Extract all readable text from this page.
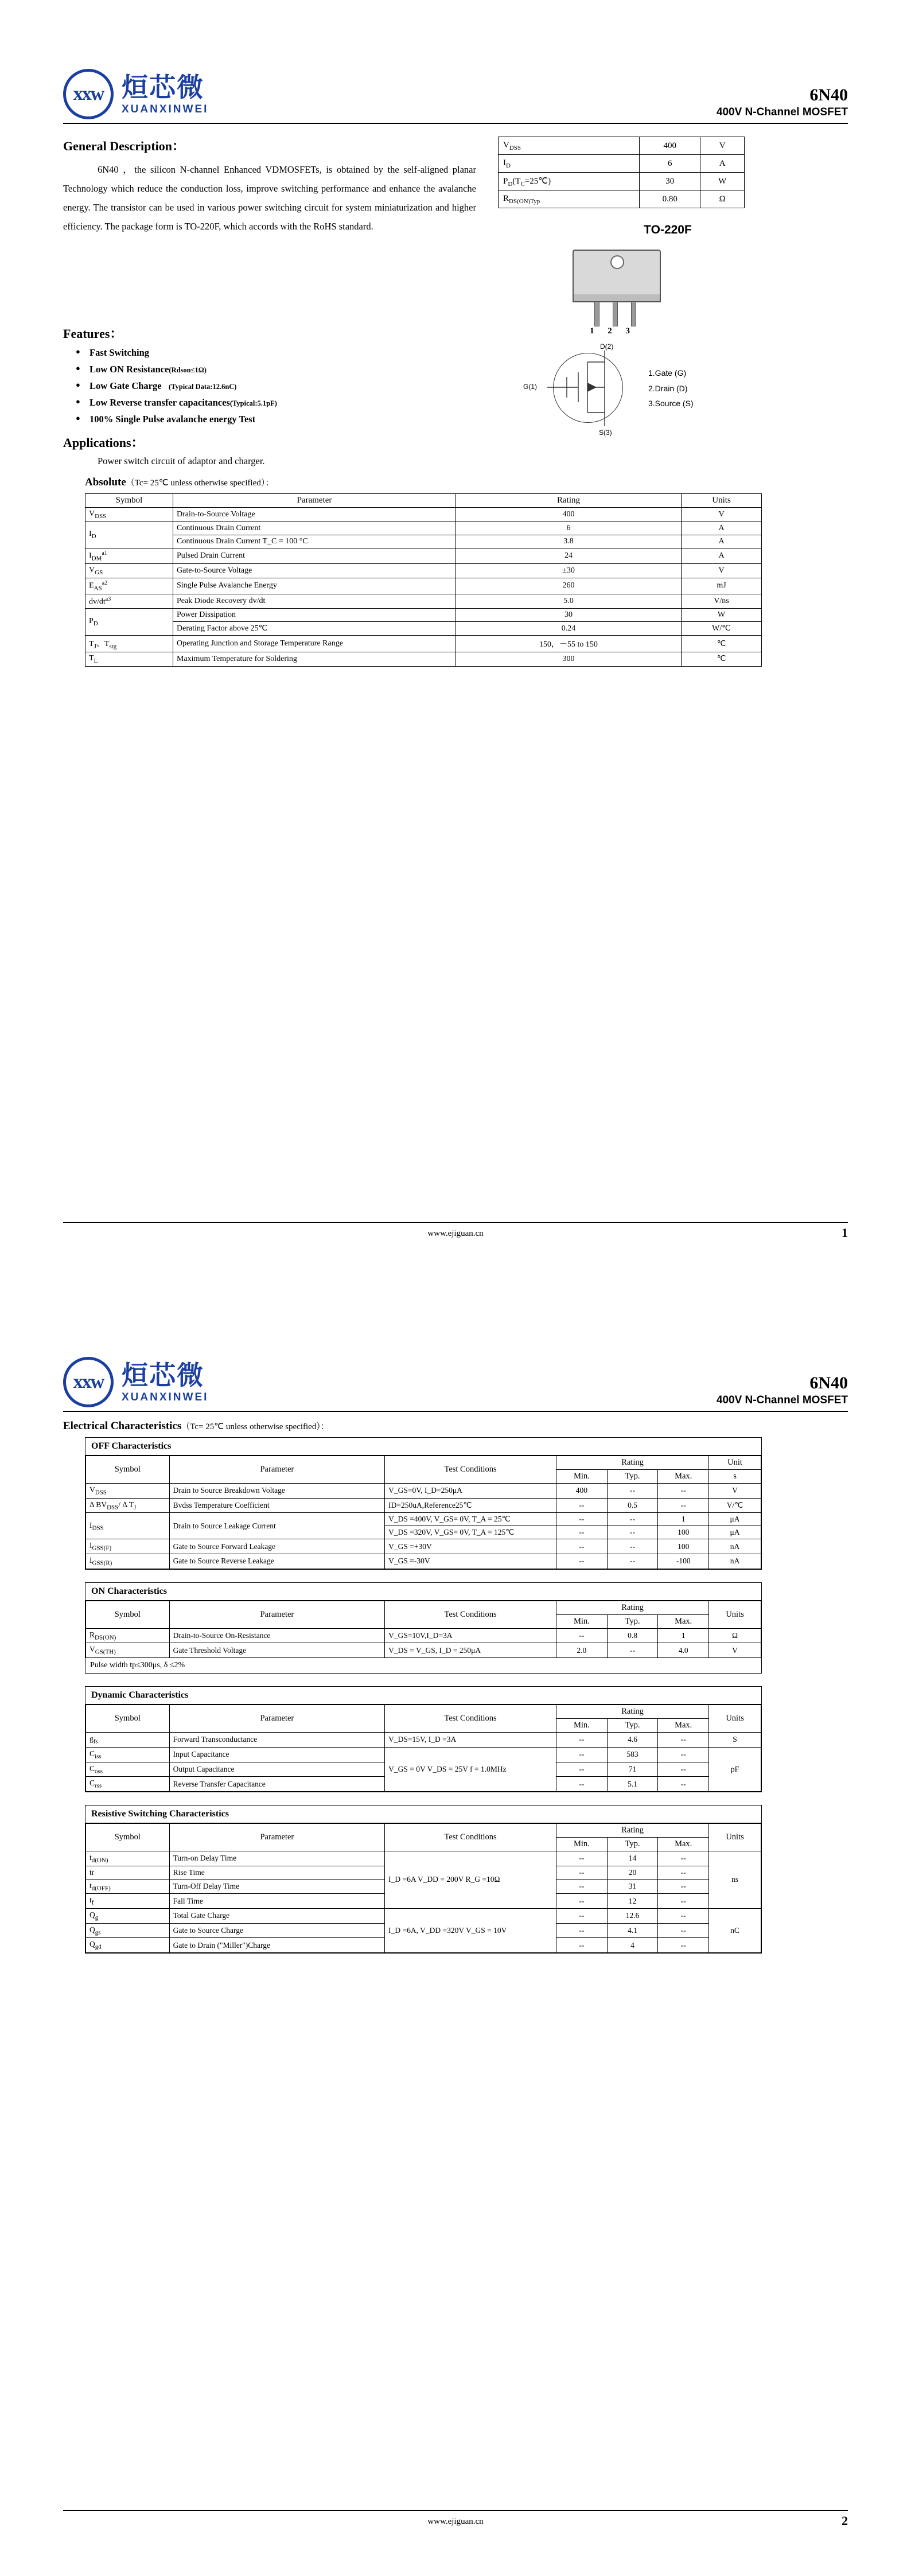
xxw 烜芯微
XUANXINWEI
6N40
400V N-Channel MOSFET
General Description：
6N40 ，the silicon N-channel Enhanced VDMOSFETs, is obtained by the self-aligned planar Technology which reduce the conduction loss, improve switching performance and enhance the avalanche energy. The transistor can be used in various power switching circuit for system miniaturization and higher efficiency. The package form is TO-220F, which accords with the RoHS standard.
$V_{DSS}$	400	V
$I_D$	6	A
$P_D(T_C=25℃)$	30	W
$R_{DS(ON)Typ}$	0.80	Ω
TO-220F
1 2 3
D(2)
G(1)
S(3)
1.Gate (G)
2.Drain (D)
3.Source (S)
Features：
● Fast Switching
● Low ON Resistance(Rdson≤1Ω)
● Low Gate Charge (Typical Data:12.6nC)
● Low Reverse transfer capacitances(Typical:5.1pF)
● 100% Single Pulse avalanche energy Test
Applications：
Power switch circuit of adaptor and charger.
Absolute（Tc= 25℃ unless otherwise specified）：
Symbol	Parameter	Rating	Units
$V_{DSS}$	Drain-to-Source Voltage	400	V
$I_D$	Continuous Drain Current	6	A
	Continuous Drain Current T_C = 100 °C	3.8	A
$I_{DM}^{a1}$	Pulsed Drain Current	24	A
$V_{GS}$	Gate-to-Source Voltage	±30	V
$E_{AS}^{a2}$	Single Pulse Avalanche Energy	260	mJ
$dv/dt^{a3}$	Peak Diode Recovery dv/dt	5.0	V/ns
$P_D$	Power Dissipation	30	W
	Derating Factor above 25℃	0.24	W/℃
$T_J$、$T_{stg}$	Operating Junction and Storage Temperature Range	150，－55 to 150	℃
$T_L$	Maximum Temperature for Soldering	300	℃
www.ejiguan.cn	1
xxw 烜芯微
XUANXINWEI
6N40
400V N-Channel MOSFET
Electrical Characteristics（Tc= 25℃ unless otherwise specified）：
OFF Characteristics
Symbol	Parameter	Test Conditions	Rating			Unit
			Min.	Typ.	Max.	s
$V_{DSS}$	Drain to Source Breakdown Voltage	V_GS=0V, I_D=250μA	400	--	--	V
Δ $BV_{DSS}/$ Δ $T_J$	Bvdss Temperature Coefficient	ID=250uA,Reference25℃	--	0.5	--	V/℃
$I_{DSS}$	Drain to Source Leakage Current	V_DS =400V, V_GS= 0V, T_A = 25℃	--	--	1	μA
		V_DS =320V, V_GS= 0V, T_A = 125℃	--	--	100	μA
$I_{GSS(F)}$	Gate to Source Forward Leakage	V_GS =+30V	--	--	100	nA
$I_{GSS(R)}$	Gate to Source Reverse Leakage	V_GS =-30V	--	--	-100	nA
ON Characteristics
Symbol	Parameter	Test Conditions	Rating			Units
			Min.	Typ.	Max.	
$R_{DS(ON)}$	Drain-to-Source On-Resistance	V_GS=10V,I_D=3A	--	0.8	1	Ω
$V_{GS(TH)}$	Gate Threshold Voltage	V_DS = V_GS, I_D = 250μA	2.0	--	4.0	V
Pulse width tp≤300μs, δ ≤2%
Dynamic Characteristics
Symbol	Parameter	Test Conditions	Rating			Units
			Min.	Typ.	Max.	
$g_{fs}$	Forward Transconductance	V_DS=15V, I_D =3A	--	4.6	--	S
$C_{iss}$	Input Capacitance	V_GS = 0V V_DS = 25V f = 1.0MHz	--	583	--	pF
$C_{oss}$	Output Capacitance		--	71	--	
$C_{rss}$	Reverse Transfer Capacitance		--	5.1	--	
Resistive Switching Characteristics
Symbol	Parameter	Test Conditions	Rating			Units
			Min.	Typ.	Max.	
$t_{d(ON)}$	Turn-on Delay Time	I_D =6A V_DD = 200V R_G =10Ω	--	14	--	ns
tr	Rise Time		--	20	--	
$t_{d(OFF)}$	Turn-Off Delay Time		--	31	--	
$t_f$	Fall Time		--	12	--	
$Q_g$	Total Gate Charge	I_D =6A, V_DD =320V V_GS = 10V	--	12.6	--	nC
$Q_{gs}$	Gate to Source Charge		--	4.1	--	
$Q_{gd}$	Gate to Drain ("Miller")Charge		--	4	--	
www.ejiguan.cn	2
